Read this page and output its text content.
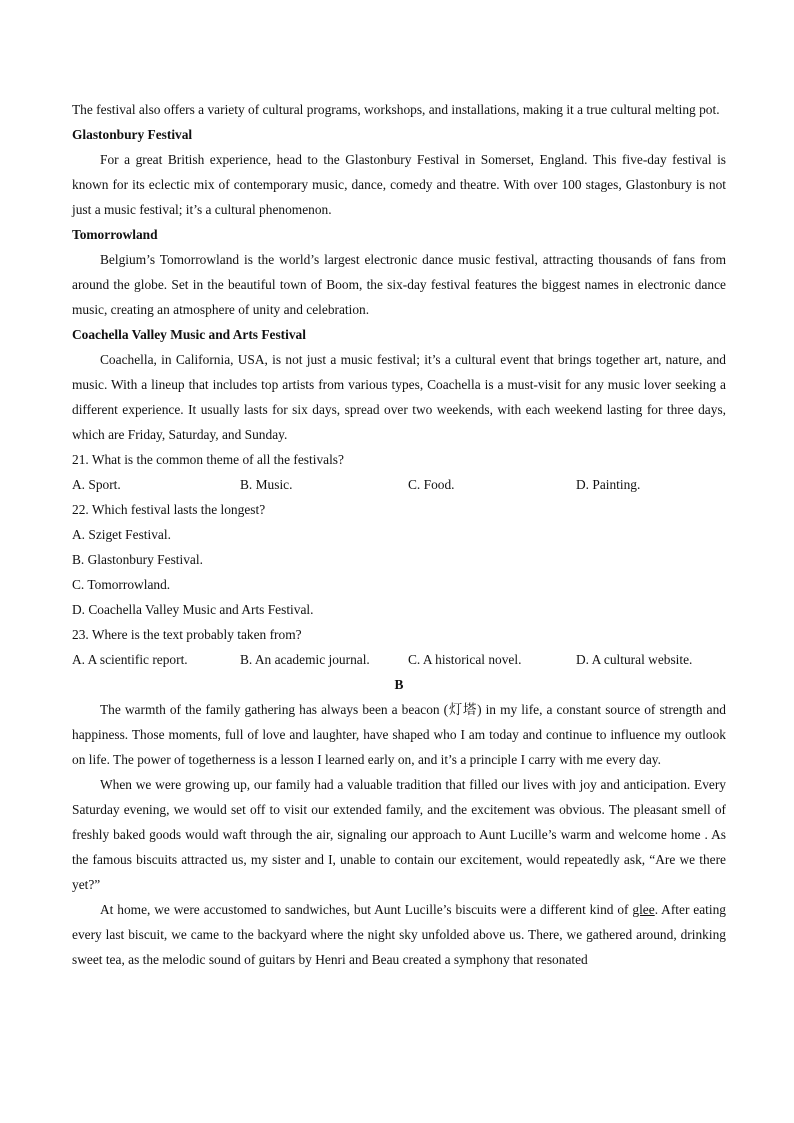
The festival also offers a variety of cultural programs, workshops, and installations, making it a true cultural melting pot.

Glastonbury Festival

For a great British experience, head to the Glastonbury Festival in Somerset, England. This five-day festival is known for its eclectic mix of contemporary music, dance, comedy and theatre. With over 100 stages, Glastonbury is not just a music festival; it’s a cultural phenomenon.

Tomorrowland

Belgium’s Tomorrowland is the world’s largest electronic dance music festival, attracting thousands of fans from around the globe. Set in the beautiful town of Boom, the six-day festival features the biggest names in electronic dance music, creating an atmosphere of unity and celebration.

Coachella Valley Music and Arts Festival

Coachella, in California, USA, is not just a music festival; it’s a cultural event that brings together art, nature, and music. With a lineup that includes top artists from various types, Coachella is a must-visit for any music lover seeking a different experience. It usually lasts for six days, spread over two weekends, with each weekend lasting for three days, which are Friday, Saturday, and Sunday.

21. What is the common theme of all the festivals?

A. Sport.	B. Music.	C. Food.	D. Painting.

22. Which festival lasts the longest?

A. Sziget Festival.

B. Glastonbury Festival.

C. Tomorrowland.

D. Coachella Valley Music and Arts Festival.

23. Where is the text probably taken from?

A. A scientific report.	B. An academic journal.	C. A historical novel.	D. A cultural website.

B

The warmth of the family gathering has always been a beacon (灯塔) in my life, a constant source of strength and happiness. Those moments, full of love and laughter, have shaped who I am today and continue to influence my outlook on life. The power of togetherness is a lesson I learned early on, and it’s a principle I carry with me every day.

When we were growing up, our family had a valuable tradition that filled our lives with joy and anticipation. Every Saturday evening, we would set off to visit our extended family, and the excitement was obvious. The pleasant smell of freshly baked goods would waft through the air, signaling our approach to Aunt Lucille’s warm and welcome home . As the famous biscuits attracted us, my sister and I, unable to contain our excitement, would repeatedly ask, “Are we there yet?”

At home, we were accustomed to sandwiches, but Aunt Lucille’s biscuits were a different kind of glee. After eating every last biscuit, we came to the backyard where the night sky unfolded above us. There, we gathered around, drinking sweet tea, as the melodic sound of guitars by Henri and Beau created a symphony that resonated
